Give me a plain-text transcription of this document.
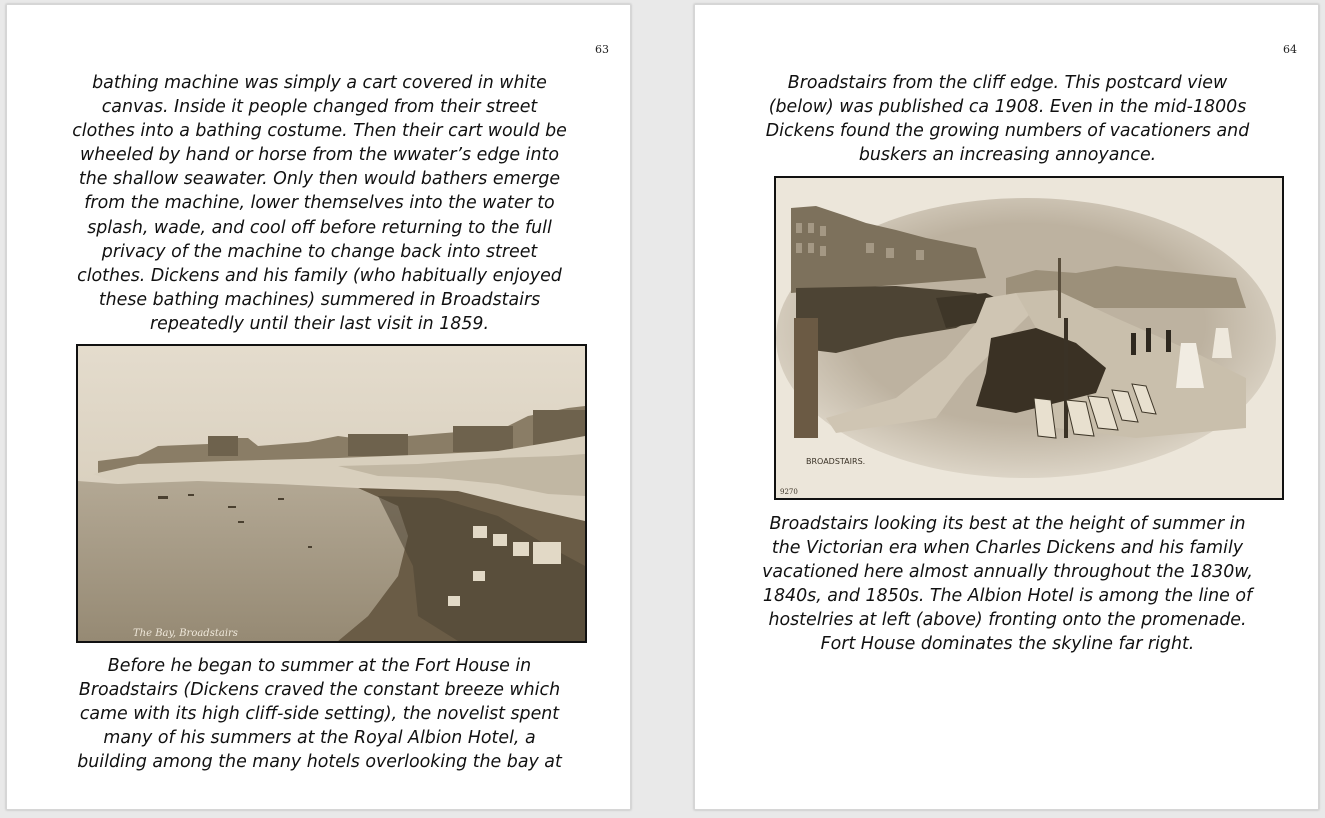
63

bathing machine was simply a cart covered in white
canvas. Inside it people changed from their street
clothes into a bathing costume. Then their cart would be
wheeled by hand or horse from the wwater’s edge into
the shallow seawater. Only then would bathers emerge
from the machine, lower themselves into the water to
splash, wade, and cool off before returning to the full
privacy of the machine to change back into street
clothes. Dickens and his family (who habitually enjoyed
these bathing machines) summered in Broadstairs
repeatedly until their last visit in 1859.

The Bay, Broadstairs

Before he began to summer at the Fort House in
Broadstairs (Dickens craved the constant breeze which
came with its high cliff-side setting), the novelist spent
many of his summers at the Royal Albion Hotel, a
building among the many hotels overlooking the bay at

64

Broadstairs from the cliff edge. This postcard view
(below) was published ca 1908. Even in the mid-1800s
Dickens found the growing numbers of vacationers and
buskers an increasing annoyance.

BROADSTAIRS.
9270

Broadstairs looking its best at the height of summer in
the Victorian era when Charles Dickens and his family
vacationed here almost annually throughout the 1830w,
1840s, and 1850s. The Albion Hotel is among the line of
hostelries at left (above) fronting onto the promenade.
Fort House dominates the skyline far right.
